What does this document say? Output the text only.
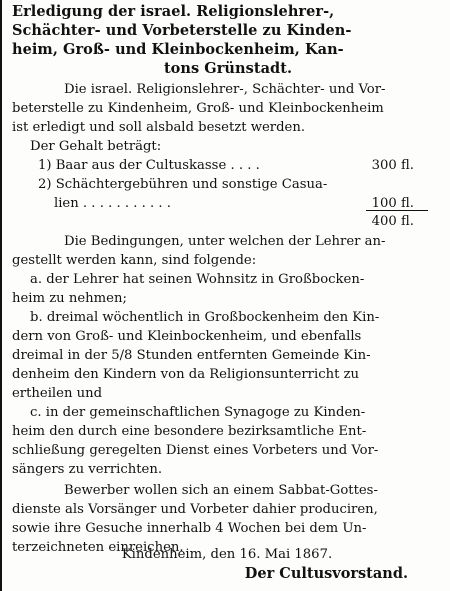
Erledigung der israel. Religionslehrer-,
Schächter- und Vorbeterstelle zu Kinden-
heim, Groß- und Kleinbockenheim, Kan-
tons Grünstadt.
Die israel. Religionslehrer-, Schächter- und Vor-
beterstelle zu Kindenheim, Groß- und Kleinbockenheim
ist erledigt und soll alsbald besetzt werden.
Der Gehalt beträgt:
1) Baar aus der Cultuskasse . . . .	300 fl.
2) Schächtergebühren und sonstige Casua-
lien . . . . . . . . . . .	100 fl.
400 fl.
Die Bedingungen, unter welchen der Lehrer an-
gestellt werden kann, sind folgende:
a. der Lehrer hat seinen Wohnsitz in Großbocken-
heim zu nehmen;
b. dreimal wöchentlich in Großbockenheim den Kin-
dern von Groß- und Kleinbockenheim, und ebenfalls
dreimal in der 5/8 Stunden entfernten Gemeinde Kin-
denheim den Kindern von da Religionsunterricht zu
ertheilen und
c. in der gemeinschaftlichen Synagoge zu Kinden-
heim den durch eine besondere bezirksamtliche Ent-
schließung geregelten Dienst eines Vorbeters und Vor-
sängers zu verrichten.
Bewerber wollen sich an einem Sabbat-Gottes-
dienste als Vorsänger und Vorbeter dahier produciren,
sowie ihre Gesuche innerhalb 4 Wochen bei dem Un-
terzeichneten einreichen.
Kindenheim, den 16. Mai 1867.
Der Cultusvorstand.
